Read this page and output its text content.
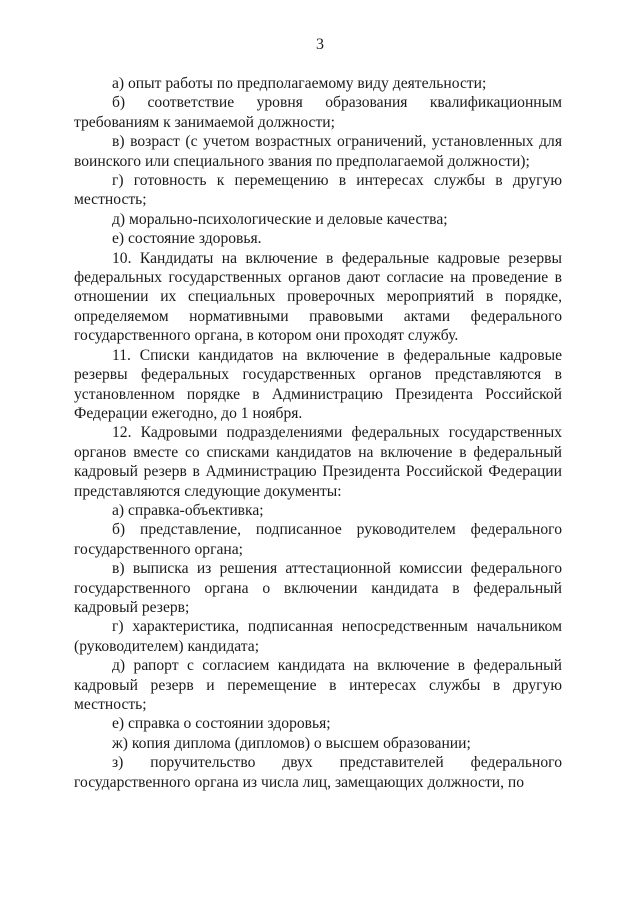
3

а) опыт работы по предполагаемому виду деятельности;

б) соответствие уровня образования квалификационным требованиям к занимаемой должности;

в) возраст (с учетом возрастных ограничений, установленных для воинского или специального звания по предполагаемой должности);

г) готовность к перемещению в интересах службы в другую местность;

д) морально-психологические и деловые качества;

е) состояние здоровья.

10. Кандидаты на включение в федеральные кадровые резервы федеральных государственных органов дают согласие на проведение в отношении их специальных проверочных мероприятий в порядке, определяемом нормативными правовыми актами федерального государственного органа, в котором они проходят службу.

11. Списки кандидатов на включение в федеральные кадровые резервы федеральных государственных органов представляются в установленном порядке в Администрацию Президента Российской Федерации ежегодно, до 1 ноября.

12. Кадровыми подразделениями федеральных государственных органов вместе со списками кандидатов на включение в федеральный кадровый резерв в Администрацию Президента Российской Федерации представляются следующие документы:

а) справка-объективка;

б) представление, подписанное руководителем федерального государственного органа;

в) выписка из решения аттестационной комиссии федерального государственного органа о включении кандидата в федеральный кадровый резерв;

г) характеристика, подписанная непосредственным начальником (руководителем) кандидата;

д) рапорт с согласием кандидата на включение в федеральный кадровый резерв и перемещение в интересах службы в другую местность;

е) справка о состоянии здоровья;

ж) копия диплома (дипломов) о высшем образовании;

з) поручительство двух представителей федерального государственного органа из числа лиц, замещающих должности, по
